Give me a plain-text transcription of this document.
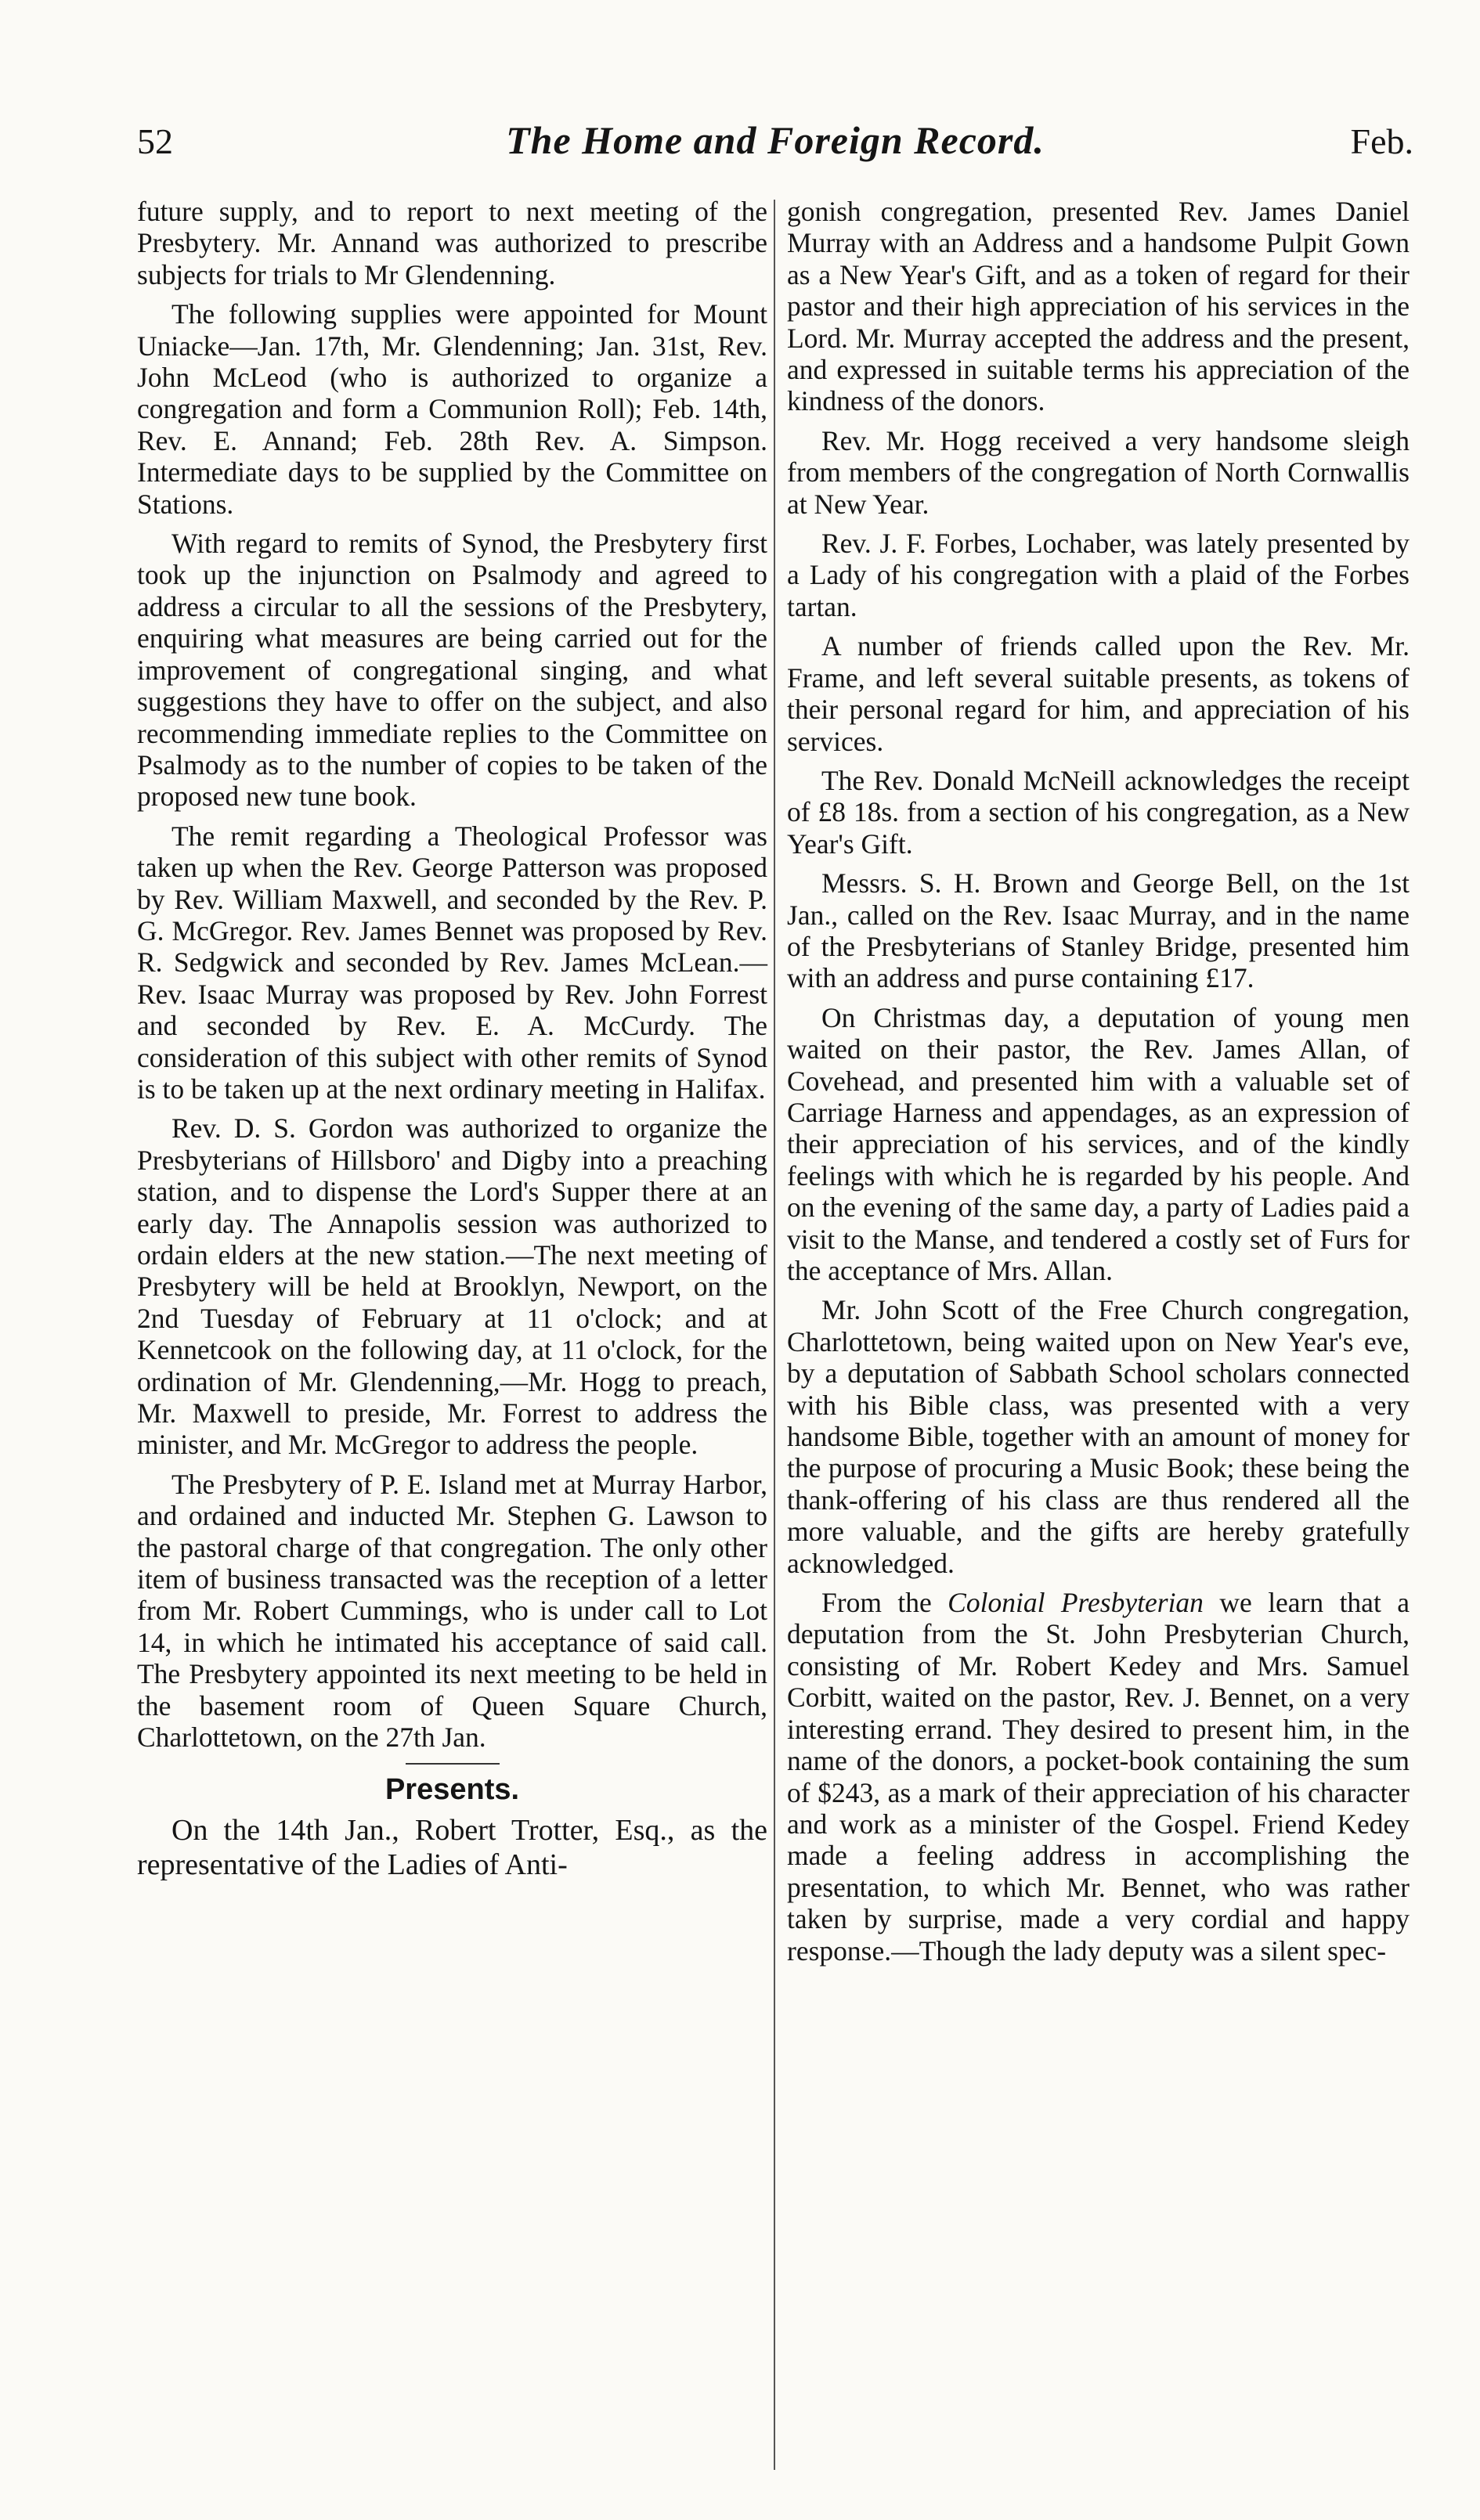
52	The Home and Foreign Record.	Feb.

future supply, and to report to next meeting of the Presbytery. Mr. Annand was authorized to prescribe subjects for trials to Mr Glendenning.

The following supplies were appointed for Mount Uniacke—Jan. 17th, Mr. Glendenning; Jan. 31st, Rev. John McLeod (who is authorized to organize a congregation and form a Communion Roll); Feb. 14th, Rev. E. Annand; Feb. 28th Rev. A. Simpson. Intermediate days to be supplied by the Committee on Stations.

With regard to remits of Synod, the Presbytery first took up the injunction on Psalmody and agreed to address a circular to all the sessions of the Presbytery, enquiring what measures are being carried out for the improvement of congregational singing, and what suggestions they have to offer on the subject, and also recommending immediate replies to the Committee on Psalmody as to the number of copies to be taken of the proposed new tune book.

The remit regarding a Theological Professor was taken up when the Rev. George Patterson was proposed by Rev. William Maxwell, and seconded by the Rev. P. G. McGregor. Rev. James Bennet was proposed by Rev. R. Sedgwick and seconded by Rev. James McLean.—Rev. Isaac Murray was proposed by Rev. John Forrest and seconded by Rev. E. A. McCurdy. The consideration of this subject with other remits of Synod is to be taken up at the next ordinary meeting in Halifax.

Rev. D. S. Gordon was authorized to organize the Presbyterians of Hillsboro' and Digby into a preaching station, and to dispense the Lord's Supper there at an early day. The Annapolis session was authorized to ordain elders at the new station.—The next meeting of Presbytery will be held at Brooklyn, Newport, on the 2nd Tuesday of February at 11 o'clock; and at Kennetcook on the following day, at 11 o'clock, for the ordination of Mr. Glendenning,—Mr. Hogg to preach, Mr. Maxwell to preside, Mr. Forrest to address the minister, and Mr. McGregor to address the people.

The Presbytery of P. E. Island met at Murray Harbor, and ordained and inducted Mr. Stephen G. Lawson to the pastoral charge of that congregation. The only other item of business transacted was the reception of a letter from Mr. Robert Cummings, who is under call to Lot 14, in which he intimated his acceptance of said call. The Presbytery appointed its next meeting to be held in the basement room of Queen Square Church, Charlottetown, on the 27th Jan.

Presents.

On the 14th Jan., Robert Trotter, Esq., as the representative of the Ladies of Anti-

gonish congregation, presented Rev. James Daniel Murray with an Address and a handsome Pulpit Gown as a New Year's Gift, and as a token of regard for their pastor and their high appreciation of his services in the Lord. Mr. Murray accepted the address and the present, and expressed in suitable terms his appreciation of the kindness of the donors.

Rev. Mr. Hogg received a very handsome sleigh from members of the congregation of North Cornwallis at New Year.

Rev. J. F. Forbes, Lochaber, was lately presented by a Lady of his congregation with a plaid of the Forbes tartan.

A number of friends called upon the Rev. Mr. Frame, and left several suitable presents, as tokens of their personal regard for him, and appreciation of his services.

The Rev. Donald McNeill acknowledges the receipt of £8 18s. from a section of his congregation, as a New Year's Gift.

Messrs. S. H. Brown and George Bell, on the 1st Jan., called on the Rev. Isaac Murray, and in the name of the Presbyterians of Stanley Bridge, presented him with an address and purse containing £17.

On Christmas day, a deputation of young men waited on their pastor, the Rev. James Allan, of Covehead, and presented him with a valuable set of Carriage Harness and appendages, as an expression of their appreciation of his services, and of the kindly feelings with which he is regarded by his people. And on the evening of the same day, a party of Ladies paid a visit to the Manse, and tendered a costly set of Furs for the acceptance of Mrs. Allan.

Mr. John Scott of the Free Church congregation, Charlottetown, being waited upon on New Year's eve, by a deputation of Sabbath School scholars connected with his Bible class, was presented with a very handsome Bible, together with an amount of money for the purpose of procuring a Music Book; these being the thank-offering of his class are thus rendered all the more valuable, and the gifts are hereby gratefully acknowledged.

From the Colonial Presbyterian we learn that a deputation from the St. John Presbyterian Church, consisting of Mr. Robert Kedey and Mrs. Samuel Corbitt, waited on the pastor, Rev. J. Bennet, on a very interesting errand. They desired to present him, in the name of the donors, a pocket-book containing the sum of $243, as a mark of their appreciation of his character and work as a minister of the Gospel. Friend Kedey made a feeling address in accomplishing the presentation, to which Mr. Bennet, who was rather taken by surprise, made a very cordial and happy response.—Though the lady deputy was a silent spec-
